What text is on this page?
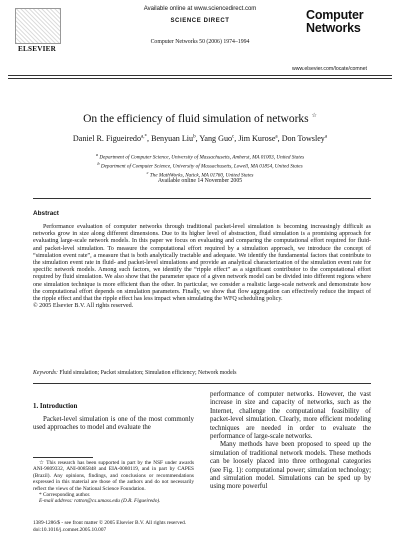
ELSEVIER
Available online at www.sciencedirect.com
SCIENCE DIRECT
Computer Networks 50 (2006) 1974–1994
Computer
Networks
www.elsevier.com/locate/comnet
On the efficiency of fluid simulation of networks ☆
Daniel R. Figueiredo$^{a,*}$, Benyuan Liu$^b$, Yang Guo$^c$, Jim Kurose$^a$, Don Towsley$^a$
$^a$ Department of Computer Science, University of Massachusetts, Amherst, MA 01003, United States
$^b$ Department of Computer Science, University of Massachusetts, Lowell, MA 01854, United States
$^c$ The MathWorks, Natick, MA 01760, United States
Available online 14 November 2005
Abstract

Performance evaluation of computer networks through traditional packet-level simulation is becoming increasingly difficult as networks grow in size along different dimensions. Due to its higher level of abstraction, fluid simulation is a promising approach for evaluating large-scale network models. In this paper we focus on evaluating and comparing the computational effort required for fluid- and packet-level simulation. To measure the computational effort required by a simulation approach, we introduce the concept of “simulation event rate”, a measure that is both analytically tractable and adequate. We identify the fundamental factors that contribute to the simulation event rate in fluid- and packet-level simulations and provide an analytical characterization of the simulation event rate for specific network models. Among such factors, we identify the “ripple effect” as a significant contributor to the computational effort required by fluid simulation. We also show that the parameter space of a given network model can be divided into different regions where one simulation technique is more efficient than the other. In particular, we consider a realistic large-scale network and demonstrate how the computational effort depends on simulation parameters. Finally, we show that flow aggregation can effectively reduce the impact of the ripple effect and that the ripple effect has less impact when simulating the WFQ scheduling policy.

© 2005 Elsevier B.V. All rights reserved.

Keywords: Fluid simulation; Packet simulation; Simulation efficiency; Network models
1. Introduction

Packet-level simulation is one of the most commonly used approaches to model and evaluate the

performance of computer networks. However, the vast increase in size and capacity of networks, such as the Internet, challenge the computational feasibility of packet-level simulation. Clearly, more efficient modeling techniques are needed in order to evaluate the performance of large-scale networks.

Many methods have been proposed to speed up the simulation of traditional network models. These methods can be loosely placed into three orthogonal categories (see Fig. 1): computational power; simulation technology; and simulation model. Simulations can be sped up by using more powerful

☆ This research has been supported in part by the NSF under awards ANI-9809332, ANI-0085848 and EIA-0080119, and in part by CAPES (Brazil). Any opinions, findings, and conclusions or recommendations expressed in this material are those of the authors and do not necessarily reflect the views of the National Science Foundation.

* Corresponding author.

E-mail address: ratton@cs.umass.edu (D.R. Figueiredo).

1389-1286/$ - see front matter © 2005 Elsevier B.V. All rights reserved.
doi:10.1016/j.comnet.2005.10.007
